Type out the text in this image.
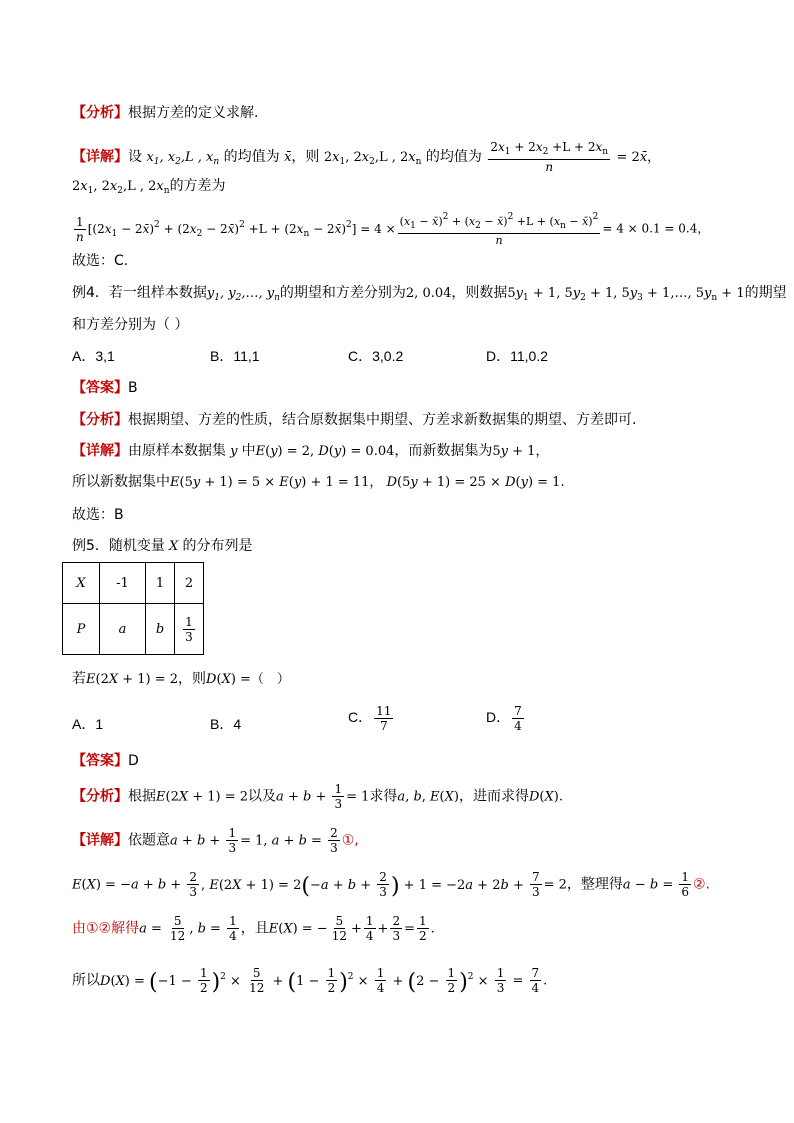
【分析】根据方差的定义求解.
【详解】设 $x_1$, $x_2,L$ , $x_n$ 的均值为 x̄，则 $2x_1$, $2x_2,L$ , $2x_n$ 的均值为 $\frac{2x_1 + 2x_2 +L + 2x_n}{n}$ = 2x̄，
$2x_1$, $2x_2,L$ , $2x_n$的方差为
$\frac{1}{n} [(2x_1$ − 2x̄)$^2$ + ($2x_2$ − 2x̄)$^2$ $+L + (2x_n$ − 2x̄)$^2$] = $4 \times \frac{(x_1 - x̄)^2 + (x_2 - x̄)^2 +L + (x_n - x̄)^2}{n} = 4 \times 0.1 = 0.4$，
故选：C.
例4．若一组样本数据$y_1$, $y_2,\dots$, $y_n$的期望和方差分别为2, 0.04，则数据$5y_1 + 1$, $5y_2 + 1$, $5y_3$ + 1,…, $5y_n + 1$的期望
和方差分别为（ ）
A．3,1	B．11,1	C．3,0.2	D．11,0.2
【答案】B
【分析】根据期望、方差的性质，结合原数据集中期望、方差求新数据集的期望、方差即可.
【详解】由原样本数据集 y 中E(y) = 2, D(y) = 0.04，而新数据集为5y + 1，
所以新数据集中E(5y + 1) = 5 × E(y) + 1 = 11， D(5y + 1) = 25 × D(y) = 1.
故选：B
例5．随机变量 X 的分布列是
X	-1	1	2
P	a	b	$\frac{1}{3}$
若E(2X + 1) = 2，则D(X) =（　）
A．1	B．4	C． $\frac{11}{7}$	D． $\frac{7}{4}$
【答案】D
【分析】根据E(2X + 1) = 2以及$a + b + \frac{1}{3} = 1$求得a, b, E(X)，进而求得D(X).
【详解】依题意$a + b + \frac{1}{3} = 1$, $a + b = \frac{2}{3}$ ①,
$E(X) = -a + b + \frac{2}{3}$ , $E(2X + 1) = 2(-a + b + \frac{2}{3}$ ) + $1 = -2a + 2b + \frac{7}{3} = 2$，整理得$a - b = \frac{1}{6}$ ②.
由①②解得$a = \frac{5}{12}$ , $b = \frac{1}{4}$ ，且E(X) = − $\frac{5}{12} + \frac{1}{4} + \frac{2}{3} = \frac{1}{2}$ .
所以$D(X) = (-1 - \frac{1}{2} )^2 \times \frac{5}{12} + (1 - \frac{1}{2} )^2 \times \frac{1}{4} + (2 - \frac{1}{2} )^2 \times \frac{1}{3} = \frac{7}{4}$ .
